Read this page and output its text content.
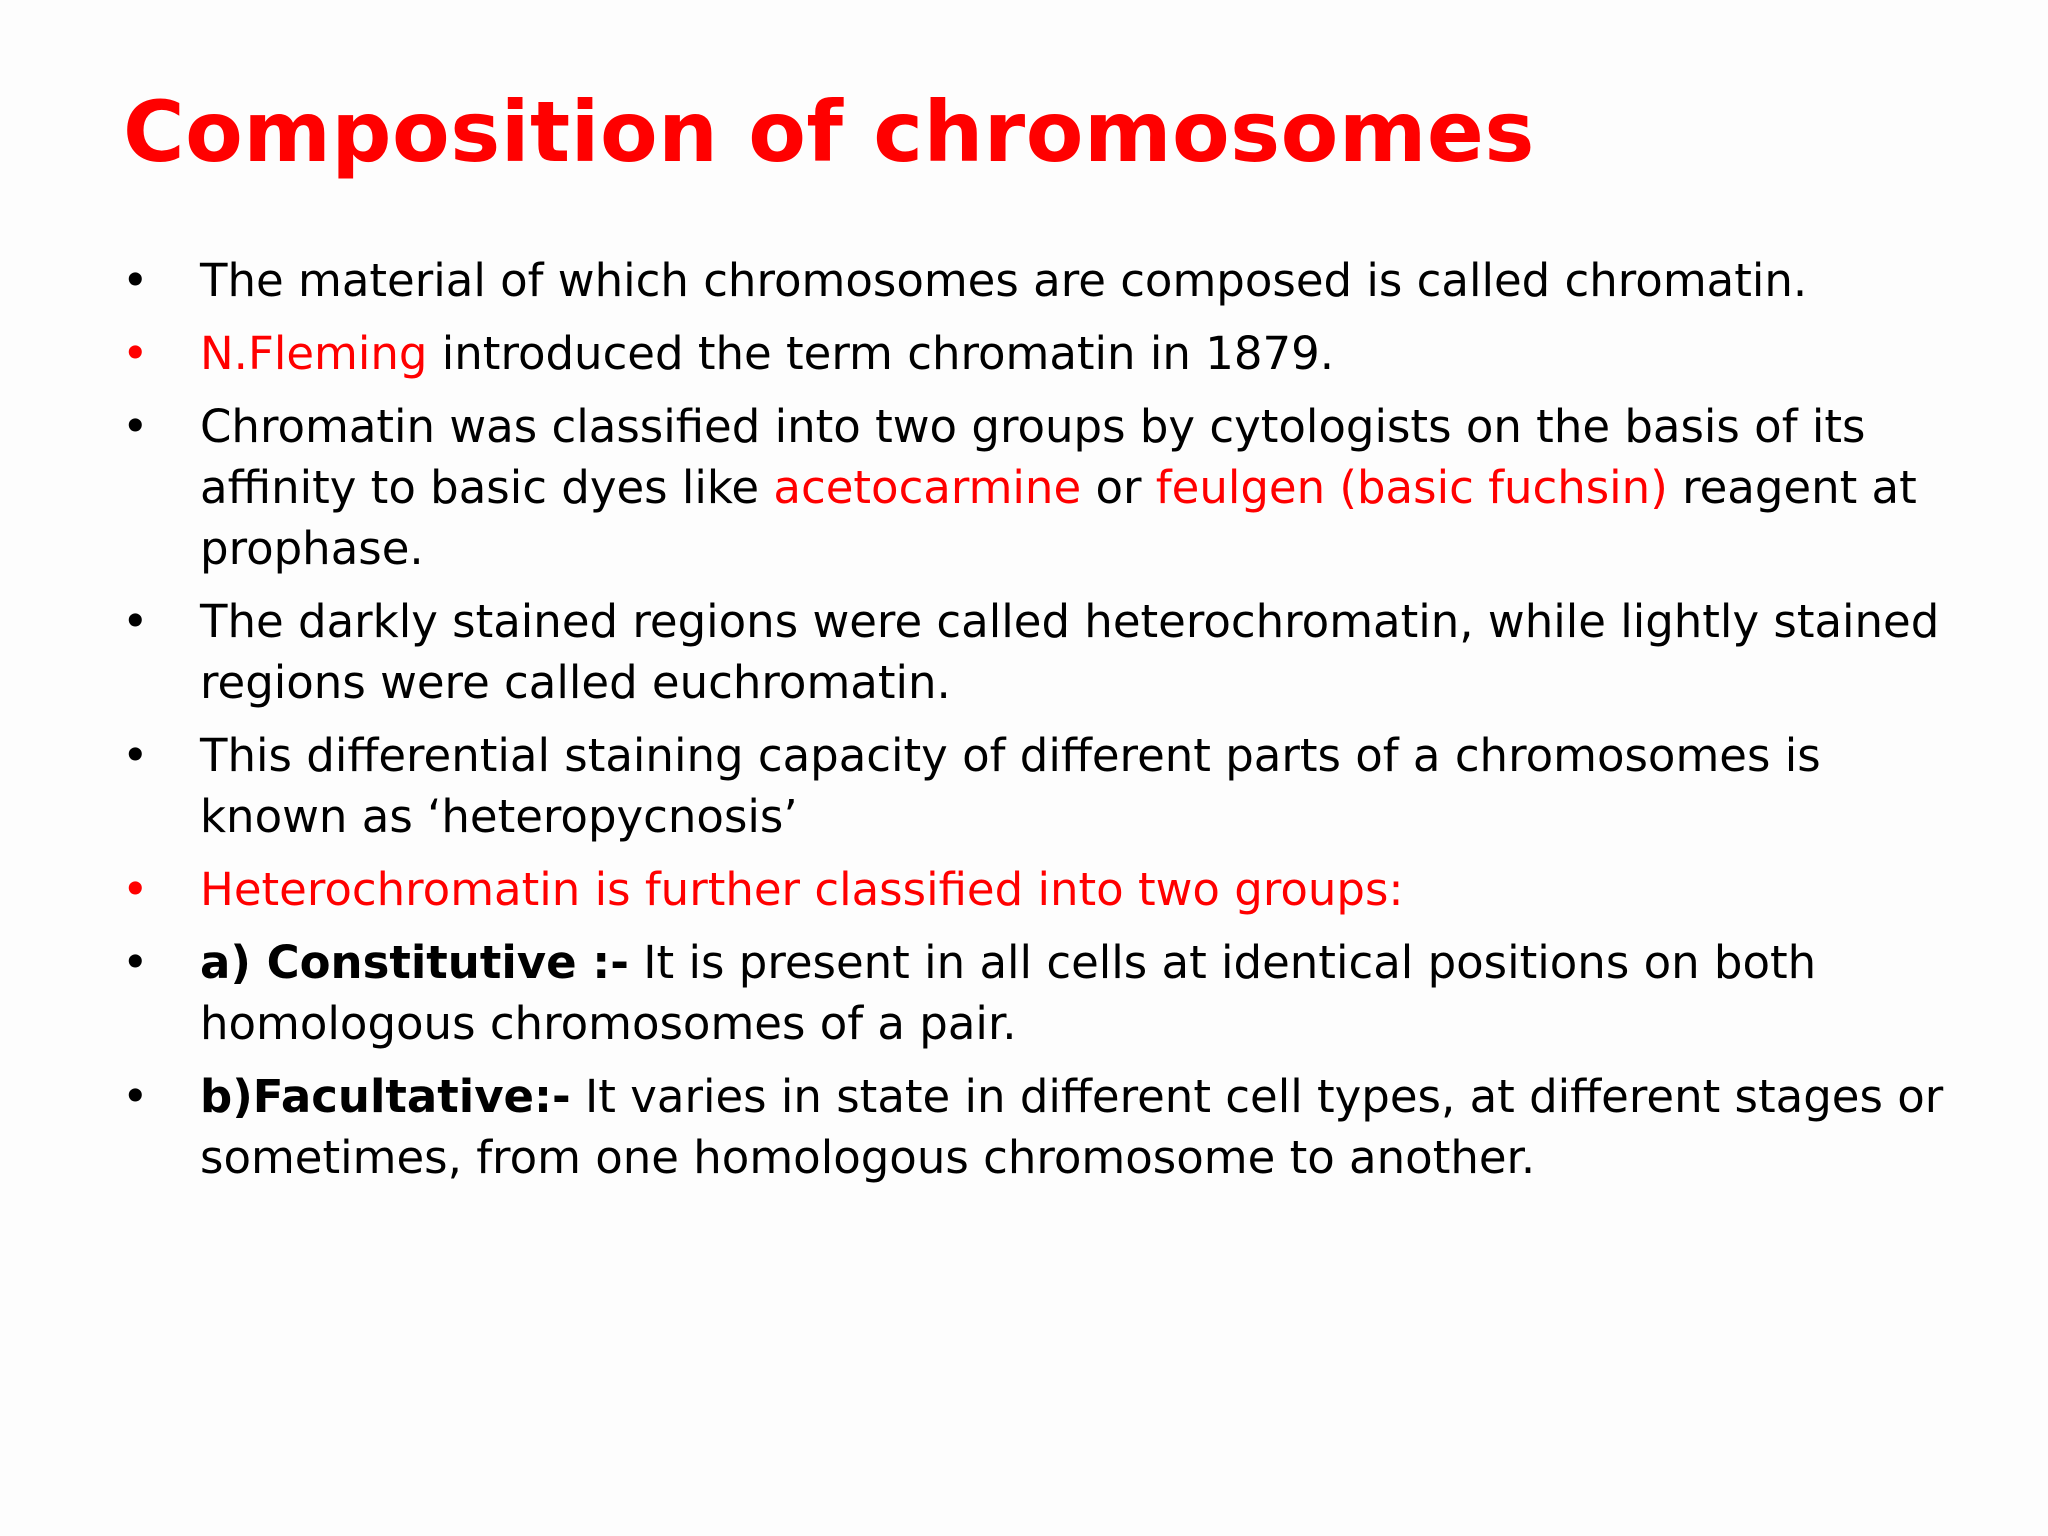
Composition of chromosomes
• The material of which chromosomes are composed is called chromatin.
• N.Fleming introduced the term chromatin in 1879.
• Chromatin was classified into two groups by cytologists on the basis of its affinity to basic dyes like acetocarmine or feulgen (basic fuchsin) reagent at prophase.
• The darkly stained regions were called heterochromatin, while lightly stained regions were called euchromatin.
• This differential staining capacity of different parts of a chromosomes is known as ‘heteropycnosis’
• Heterochromatin is further classified into two groups:
• a) Constitutive :- It is present in all cells at identical positions on both homologous chromosomes of a pair.
• b)Facultative:- It varies in state in different cell types, at different stages or sometimes, from one homologous chromosome to another.
